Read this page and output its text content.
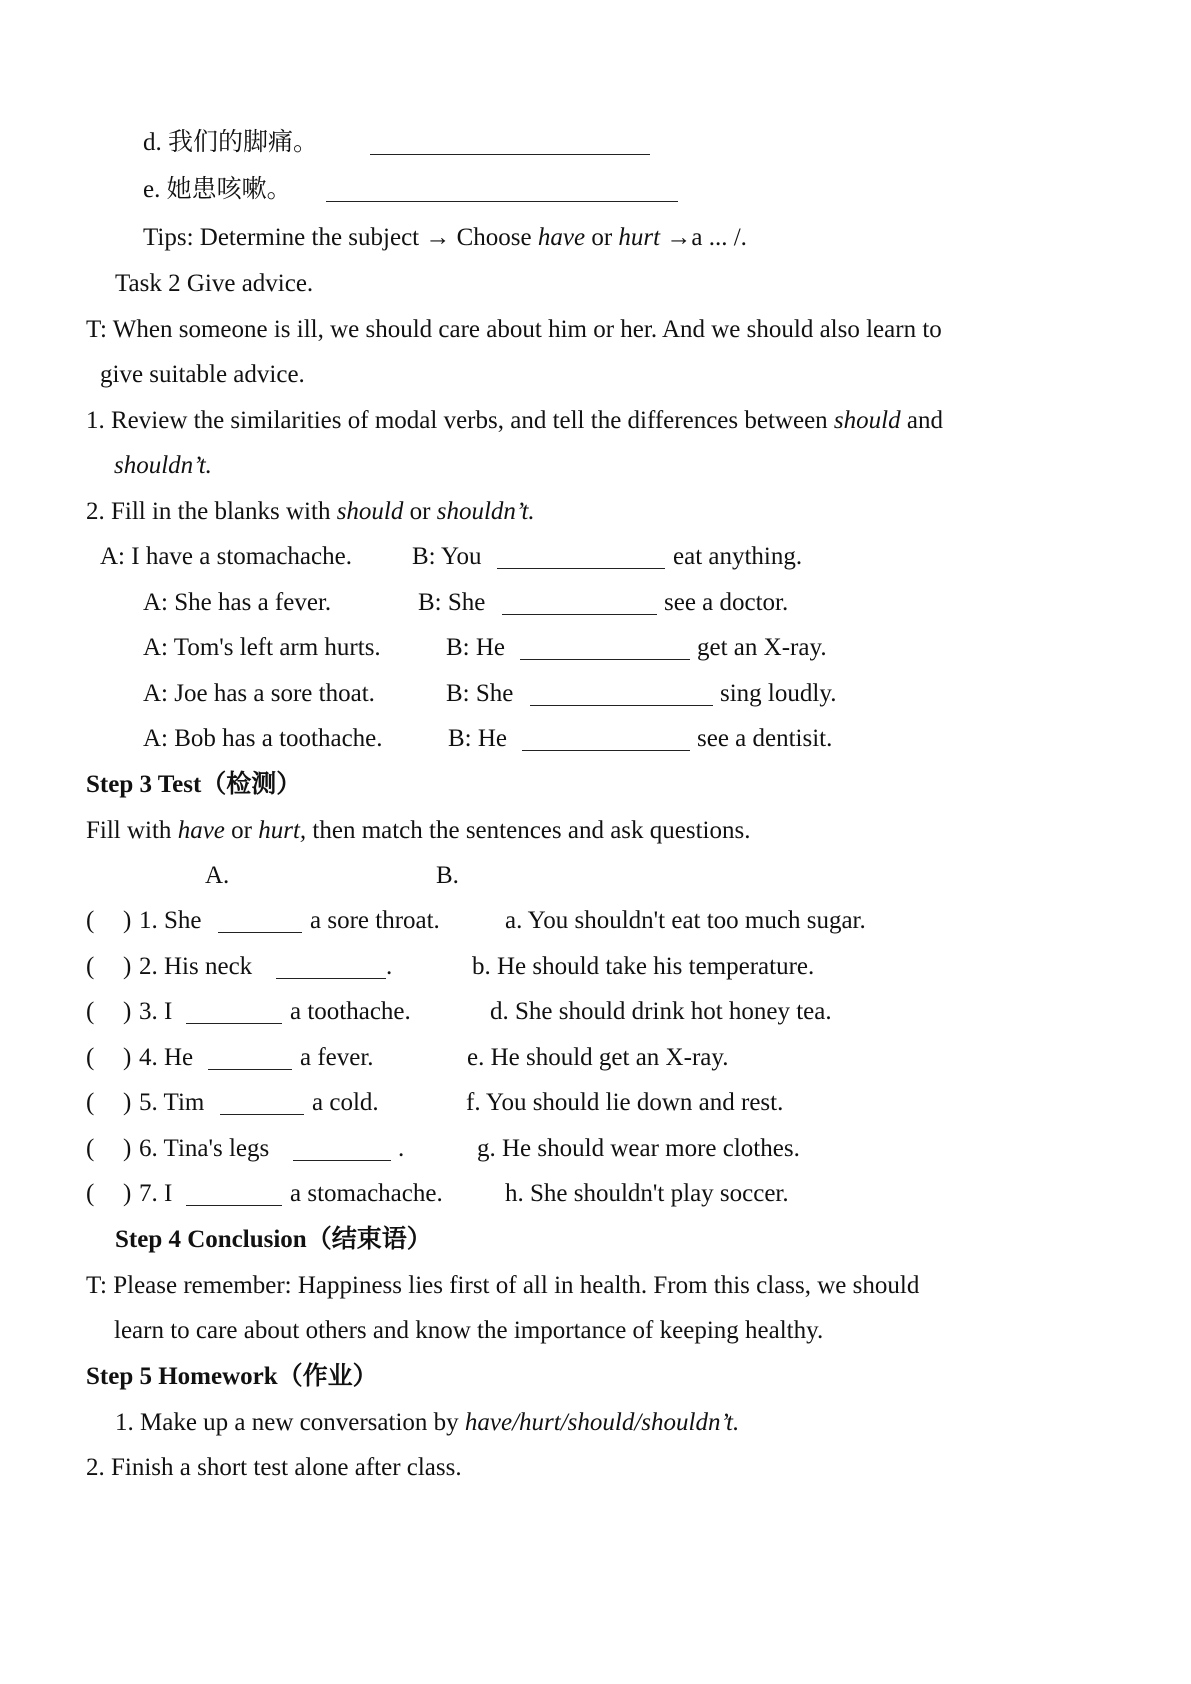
d. 我们的脚痛。
e. 她患咳嗽。
Tips: Determine the subject → Choose have or hurt →a ... /.
Task 2 Give advice.
T: When someone is ill, we should care about him or her. And we should also learn to
give suitable advice.
1. Review the similarities of modal verbs, and tell the differences between should and
shouldn’t.
2. Fill in the blanks with should or shouldn’t.
A: I have a stomachache. B: You	eat anything.
A: She has a fever.	B: She	see a doctor.
A: Tom's left arm hurts.	B: He	get an X-ray.
A: Joe has a sore thoat.	B: She	sing loudly.
A: Bob has a toothache.	B: He	see a dentisit.
Step 3 Test（检测）
Fill with have or hurt, then match the sentences and ask questions.
A.	B.
( ) 1. She	a sore throat.	a. You shouldn't eat too much sugar.
( ) 2. His neck	.	b. He should take his temperature.
( ) 3. I	a toothache.	d. She should drink hot honey tea.
( ) 4. He	a fever.	e. He should get an X-ray.
( ) 5. Tim	a cold.	f. You should lie down and rest.
( ) 6. Tina's legs	.	g. He should wear more clothes.
( ) 7. I	a stomachache. h. She shouldn't play soccer.
Step 4 Conclusion（结束语）
T: Please remember: Happiness lies first of all in health. From this class, we should
learn to care about others and know the importance of keeping healthy.
Step 5 Homework（作业）
1. Make up a new conversation by have/hurt/should/shouldn’t.
2. Finish a short test alone after class.
